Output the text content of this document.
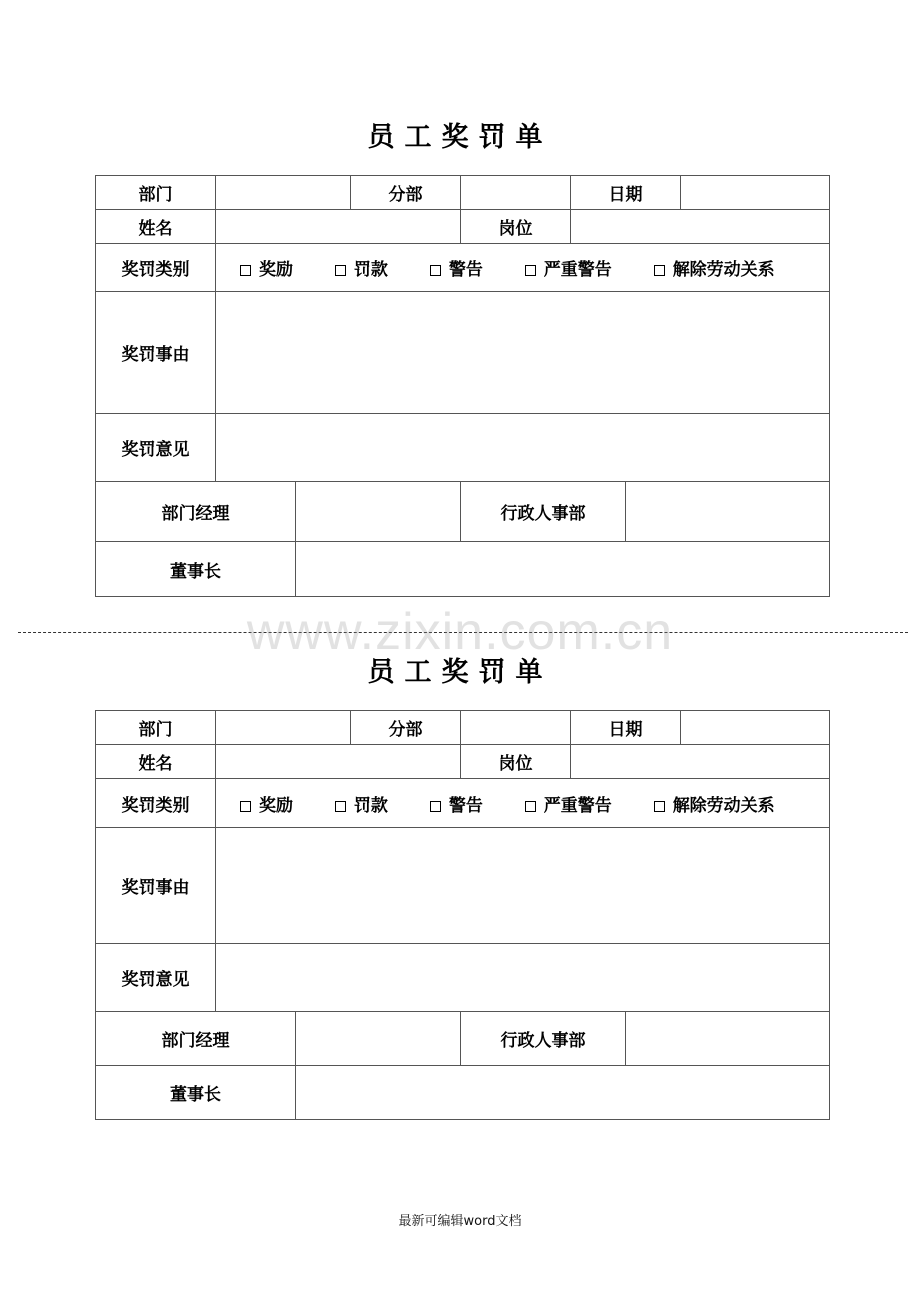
员工奖罚单
部门			分部		日期		
姓名				岗位			
奖罚类别	奖励 罚款 警告 严重警告 解除劳动关系						
奖罚事由							
奖罚意见							
部门经理				行政人事部			
董事长							
www.zixin.com.cn
员工奖罚单
部门			分部		日期		
姓名				岗位			
奖罚类别	奖励 罚款 警告 严重警告 解除劳动关系						
奖罚事由							
奖罚意见							
部门经理				行政人事部			
董事长							
最新可编辑word文档
